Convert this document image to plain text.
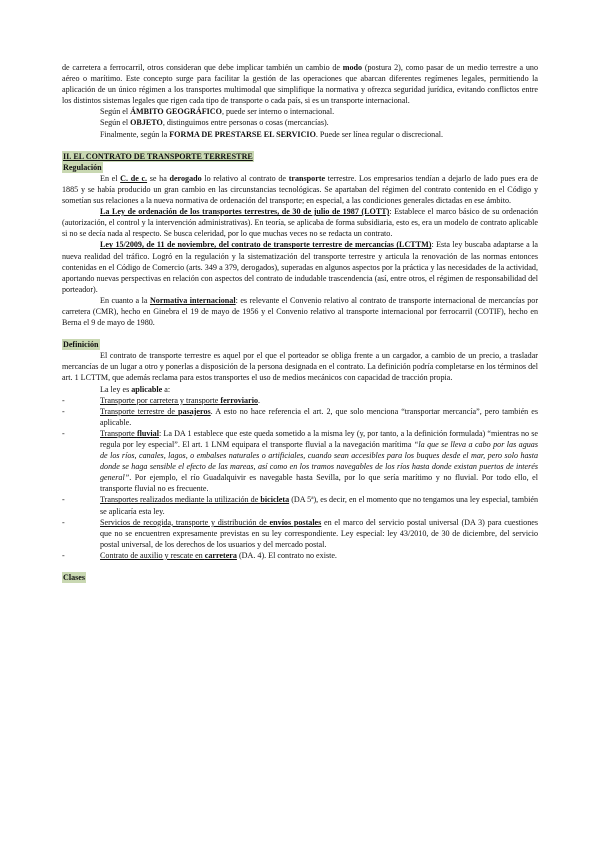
de carretera a ferrocarril, otros consideran que debe implicar también un cambio de modo (postura 2), como pasar de un medio terrestre a uno aéreo o marítimo. Este concepto surge para facilitar la gestión de las operaciones que abarcan diferentes regímenes legales, permitiendo la aplicación de un único régimen a los transportes multimodal que simplifique la normativa y ofrezca seguridad jurídica, evitando conflictos entre los distintos sistemas legales que rigen cada tipo de transporte o cada país, si es un transporte internacional.

Según el ÁMBITO GEOGRÁFICO, puede ser interno o internacional.

Según el OBJETO, distinguimos entre personas o cosas (mercancías).

Finalmente, según la FORMA DE PRESTARSE EL SERVICIO. Puede ser línea regular o discrecional.

II. EL CONTRATO DE TRANSPORTE TERRESTRE

Regulación

En el C. de c. se ha derogado lo relativo al contrato de transporte terrestre. Los empresarios tendían a dejarlo de lado pues era de 1885 y se había producido un gran cambio en las circunstancias tecnológicas. Se apartaban del régimen del contrato contenido en el Código y sometían sus relaciones a la nueva normativa de ordenación del transporte; en especial, a las condiciones generales dictadas en ese ámbito.

La Ley de ordenación de los transportes terrestres, de 30 de julio de 1987 (LOTT): Establece el marco básico de su ordenación (autorización, el control y la intervención administrativas). En teoría, se aplicaba de forma subsidiaria, esto es, era un modelo de contrato aplicable si no se decía nada al respecto. Se busca celeridad, por lo que muchas veces no se redacta un contrato.

Ley 15/2009, de 11 de noviembre, del contrato de transporte terrestre de mercancías (LCTTM): Esta ley buscaba adaptarse a la nueva realidad del tráfico. Logró en la regulación y la sistematización del transporte terrestre y articula la renovación de las normas entonces contenidas en el Código de Comercio (arts. 349 a 379, derogados), superadas en algunos aspectos por la práctica y las necesidades de la actividad, aportando nuevas perspectivas en relación con aspectos del contrato de indudable trascendencia (así, entre otros, el régimen de responsabilidad del porteador).

En cuanto a la Normativa internacional: es relevante el Convenio relativo al contrato de transporte internacional de mercancías por carretera (CMR), hecho en Ginebra el 19 de mayo de 1956 y el Convenio relativo al transporte internacional por ferrocarril (COTIF), hecho en Berna el 9 de mayo de 1980.

Definición

El contrato de transporte terrestre es aquel por el que el porteador se obliga frente a un cargador, a cambio de un precio, a trasladar mercancías de un lugar a otro y ponerlas a disposición de la persona designada en el contrato. La definición podría completarse en los términos del art. 1 LCTTM, que además reclama para estos transportes el uso de medios mecánicos con capacidad de tracción propia.

La ley es aplicable a:

-	Transporte por carretera y transporte ferroviario.
-	Transporte terrestre de pasajeros. A esto no hace referencia el art. 2, que solo menciona “transportar mercancía”, pero también es aplicable.
-	Transporte fluvial: La DA 1 establece que este queda sometido a la misma ley (y, por tanto, a la definición formulada) “mientras no se regula por ley especial”. El art. 1 LNM equipara el transporte fluvial a la navegación marítima “la que se lleva a cabo por las aguas de los ríos, canales, lagos, o embalses naturales o artificiales, cuando sean accesibles para los buques desde el mar, pero solo hasta donde se haga sensible el efecto de las mareas, así como en los tramos navegables de los ríos hasta donde existan puertos de interés general”. Por ejemplo, el río Guadalquivir es navegable hasta Sevilla, por lo que sería marítimo y no fluvial. Por todo ello, el transporte fluvial no es frecuente.
-	Transportes realizados mediante la utilización de bicicleta (DA 5ª), es decir, en el momento que no tengamos una ley especial, también se aplicaría esta ley.
-	Servicios de recogida, transporte y distribución de envíos postales en el marco del servicio postal universal (DA 3) para cuestiones que no se encuentren expresamente previstas en su ley correspondiente. Ley especial: ley 43/2010, de 30 de diciembre, del servicio postal universal, de los derechos de los usuarios y del mercado postal.
-	Contrato de auxilio y rescate en carretera (DA. 4). El contrato no existe.

Clases
